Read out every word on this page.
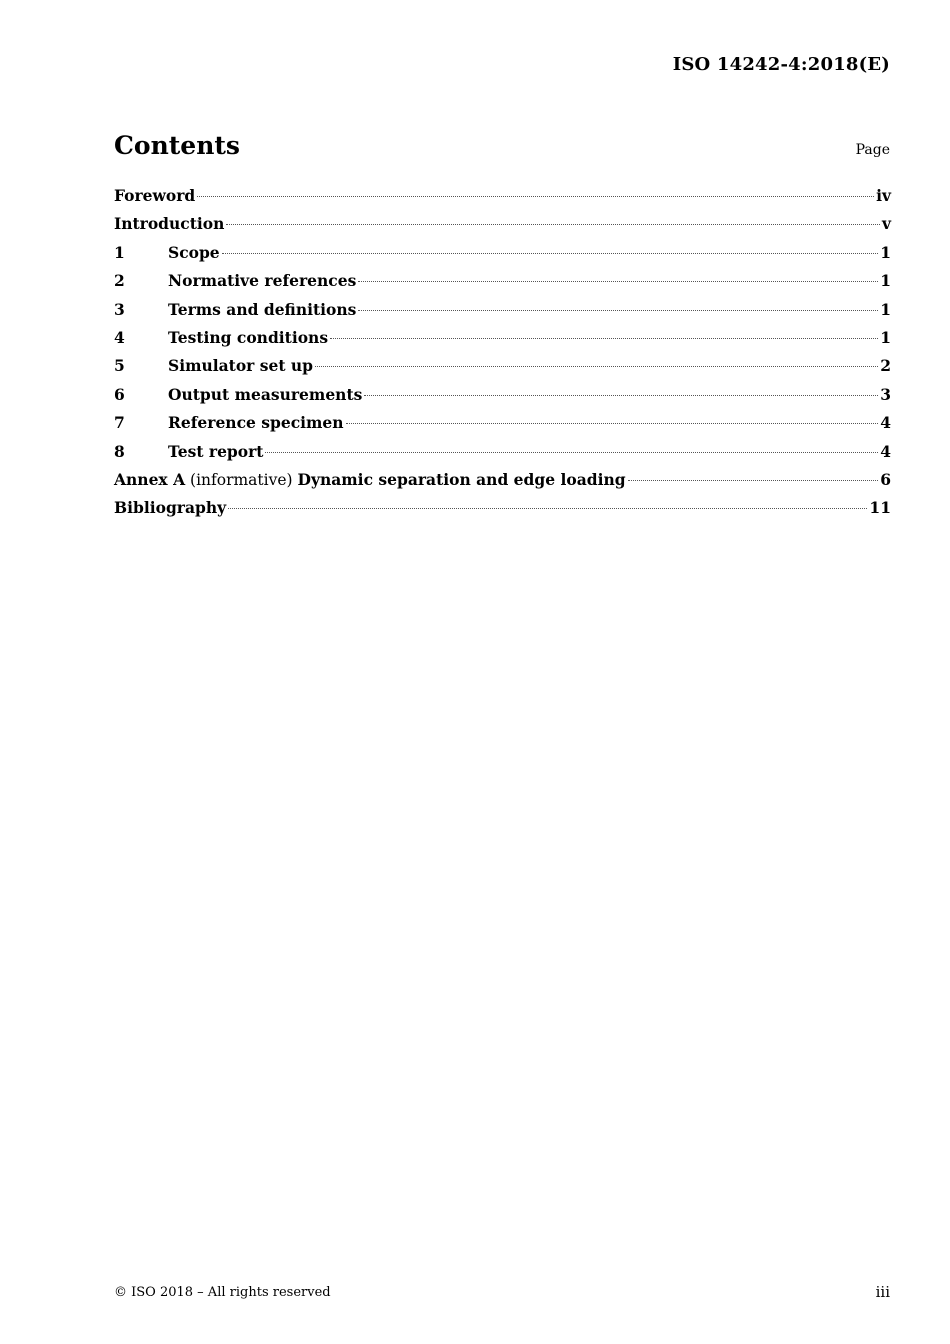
ISO 14242-4:2018(E)
Contents	Page
Foreword	iv
Introduction	v
1	Scope	1
2	Normative references	1
3	Terms and definitions	1
4	Testing conditions	1
5	Simulator set up	2
6	Output measurements	3
7	Reference specimen	4
8	Test report	4
Annex A (informative) Dynamic separation and edge loading	6
Bibliography	11
© ISO 2018 – All rights reserved	iii
